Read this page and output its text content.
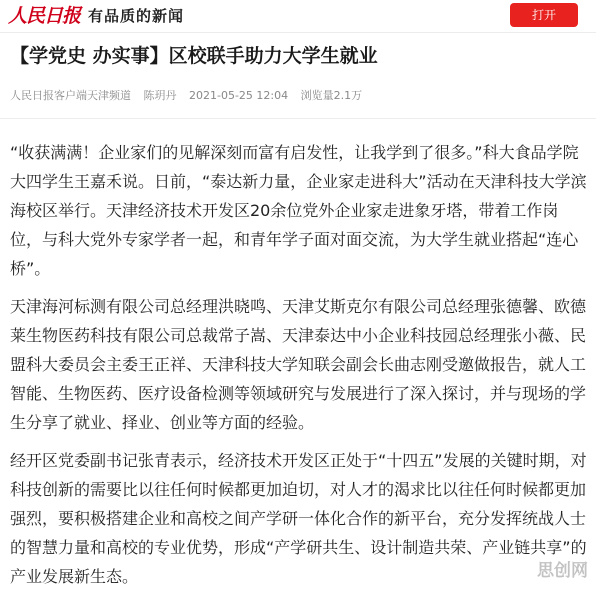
人民日报 有品质的新闻	打开
【学党史 办实事】区校联手助力大学生就业
人民日报客户端天津频道 陈玥丹 2021-05-25 12:04 浏览量2.1万

“收获满满！企业家们的见解深刻而富有启发性，让我学到了很多。”科大食品学院大四学生王嘉禾说。日前，“泰达新力量，企业家走进科大”活动在天津科技大学滨海校区举行。天津经济技术开发区20余位党外企业家走进象牙塔，带着工作岗位，与科大党外专家学者一起，和青年学子面对面交流，为大学生就业搭起“连心桥”。

天津海河标测有限公司总经理洪晓鸣、天津艾斯克尔有限公司总经理张德馨、欧德莱生物医药科技有限公司总裁常子嵩、天津泰达中小企业科技园总经理张小薇、民盟科大委员会主委王正祥、天津科技大学知联会副会长曲志刚受邀做报告，就人工智能、生物医药、医疗设备检测等领域研究与发展进行了深入探讨，并与现场的学生分享了就业、择业、创业等方面的经验。

经开区党委副书记张青表示，经济技术开发区正处于“十四五”发展的关键时期，对科技创新的需要比以往任何时候都更加迫切，对人才的渴求比以往任何时候都更加强烈，要积极搭建企业和高校之间产学研一体化合作的新平台，充分发挥统战人士的智慧力量和高校的专业优势，形成“产学研共生、设计制造共荣、产业链共享”的产业发展新生态。	思创网
